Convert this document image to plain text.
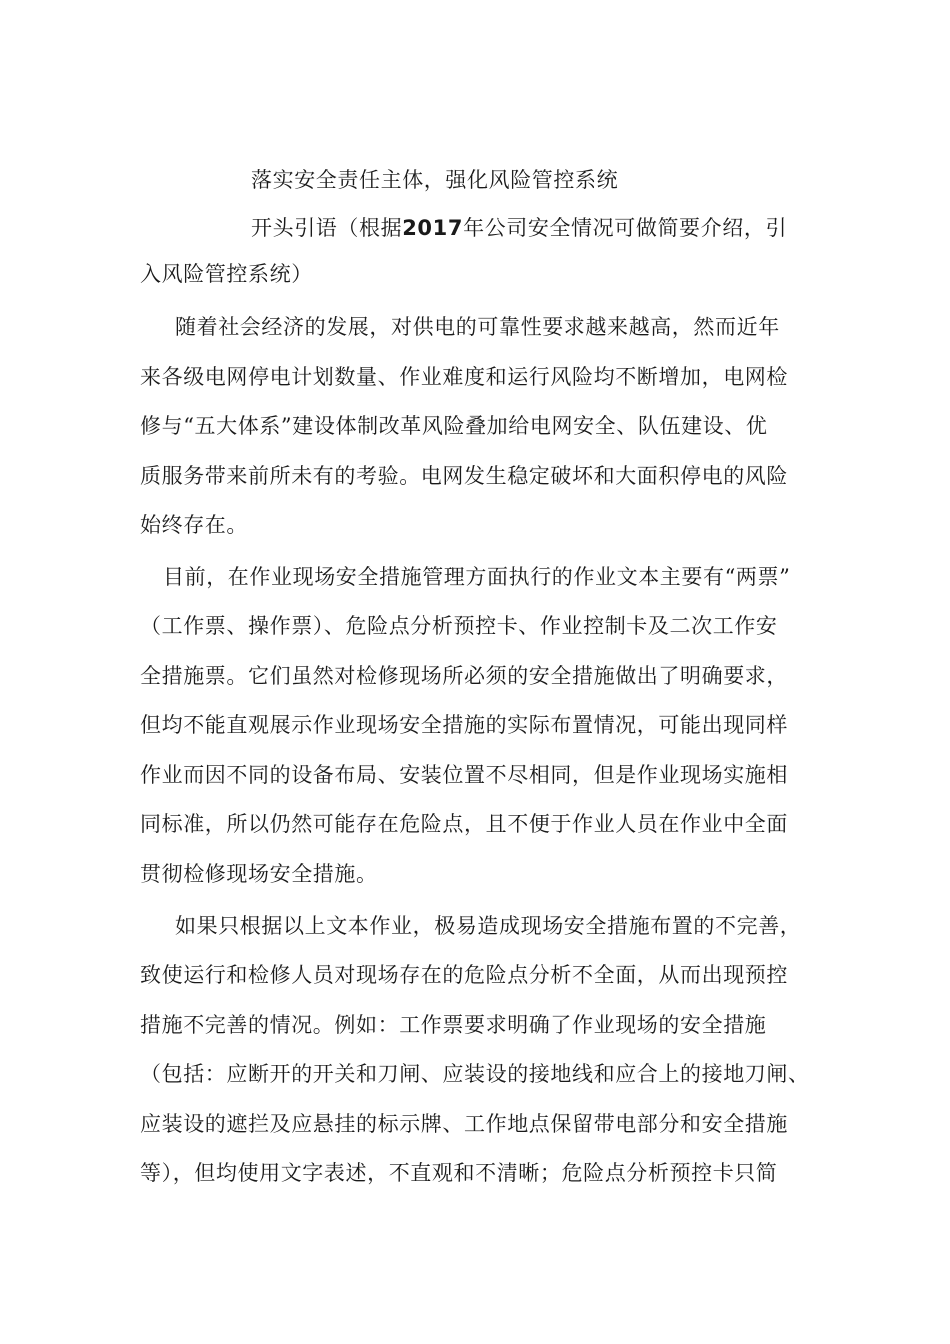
落实安全责任主体，强化风险管控系统
开头引语（根据2017年公司安全情况可做简要介绍，引
入风险管控系统）
随着社会经济的发展，对供电的可靠性要求越来越高，然而近年
来各级电网停电计划数量、作业难度和运行风险均不断增加，电网检
修与“五大体系”建设体制改革风险叠加给电网安全、队伍建设、优
质服务带来前所未有的考验。电网发生稳定破坏和大面积停电的风险
始终存在。
目前，在作业现场安全措施管理方面执行的作业文本主要有“两票”
（工作票、操作票）、危险点分析预控卡、作业控制卡及二次工作安
全措施票。它们虽然对检修现场所必须的安全措施做出了明确要求，
但均不能直观展示作业现场安全措施的实际布置情况，可能出现同样
作业而因不同的设备布局、安装位置不尽相同，但是作业现场实施相
同标准，所以仍然可能存在危险点，且不便于作业人员在作业中全面
贯彻检修现场安全措施。
如果只根据以上文本作业，极易造成现场安全措施布置的不完善，
致使运行和检修人员对现场存在的危险点分析不全面，从而出现预控
措施不完善的情况。例如：工作票要求明确了作业现场的安全措施
（包括：应断开的开关和刀闸、应装设的接地线和应合上的接地刀闸、
应装设的遮拦及应悬挂的标示牌、工作地点保留带电部分和安全措施
等），但均使用文字表述，不直观和不清晰；危险点分析预控卡只简
